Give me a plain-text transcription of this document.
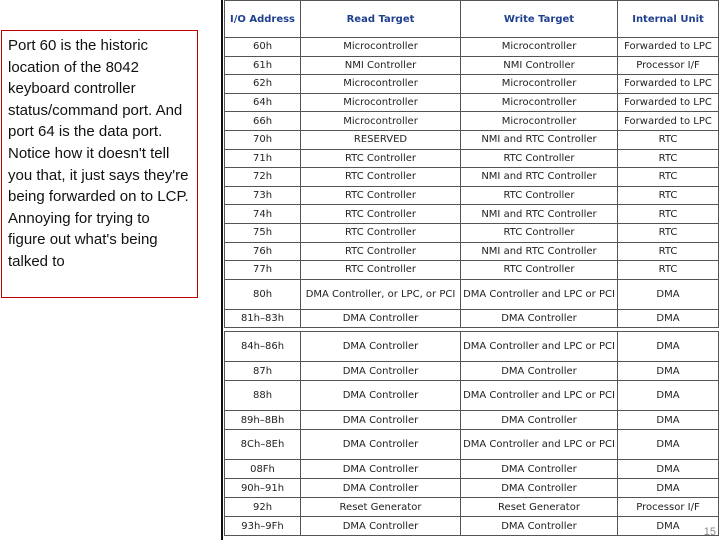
Port 60 is the historic location of the 8042 keyboard controller status/command port. And port 64 is the data port. Notice how it doesn't tell you that, it just says they're being forwarded on to LCP. Annoying for trying to figure out what's being talked to
I/O Address	Read Target	Write Target	Internal Unit
60h	Microcontroller	Microcontroller	Forwarded to LPC
61h	NMI Controller	NMI Controller	Processor I/F
62h	Microcontroller	Microcontroller	Forwarded to LPC
64h	Microcontroller	Microcontroller	Forwarded to LPC
66h	Microcontroller	Microcontroller	Forwarded to LPC
70h	RESERVED	NMI and RTC Controller	RTC
71h	RTC Controller	RTC Controller	RTC
72h	RTC Controller	NMI and RTC Controller	RTC
73h	RTC Controller	RTC Controller	RTC
74h	RTC Controller	NMI and RTC Controller	RTC
75h	RTC Controller	RTC Controller	RTC
76h	RTC Controller	NMI and RTC Controller	RTC
77h	RTC Controller	RTC Controller	RTC
80h	DMA Controller, or LPC, or PCI	DMA Controller and LPC or PCI	DMA
81h–83h	DMA Controller	DMA Controller	DMA
84h–86h	DMA Controller	DMA Controller and LPC or PCI	DMA
87h	DMA Controller	DMA Controller	DMA
88h	DMA Controller	DMA Controller and LPC or PCI	DMA
89h–8Bh	DMA Controller	DMA Controller	DMA
8Ch–8Eh	DMA Controller	DMA Controller and LPC or PCI	DMA
08Fh	DMA Controller	DMA Controller	DMA
90h–91h	DMA Controller	DMA Controller	DMA
92h	Reset Generator	Reset Generator	Processor I/F
93h–9Fh	DMA Controller	DMA Controller	DMA 15
